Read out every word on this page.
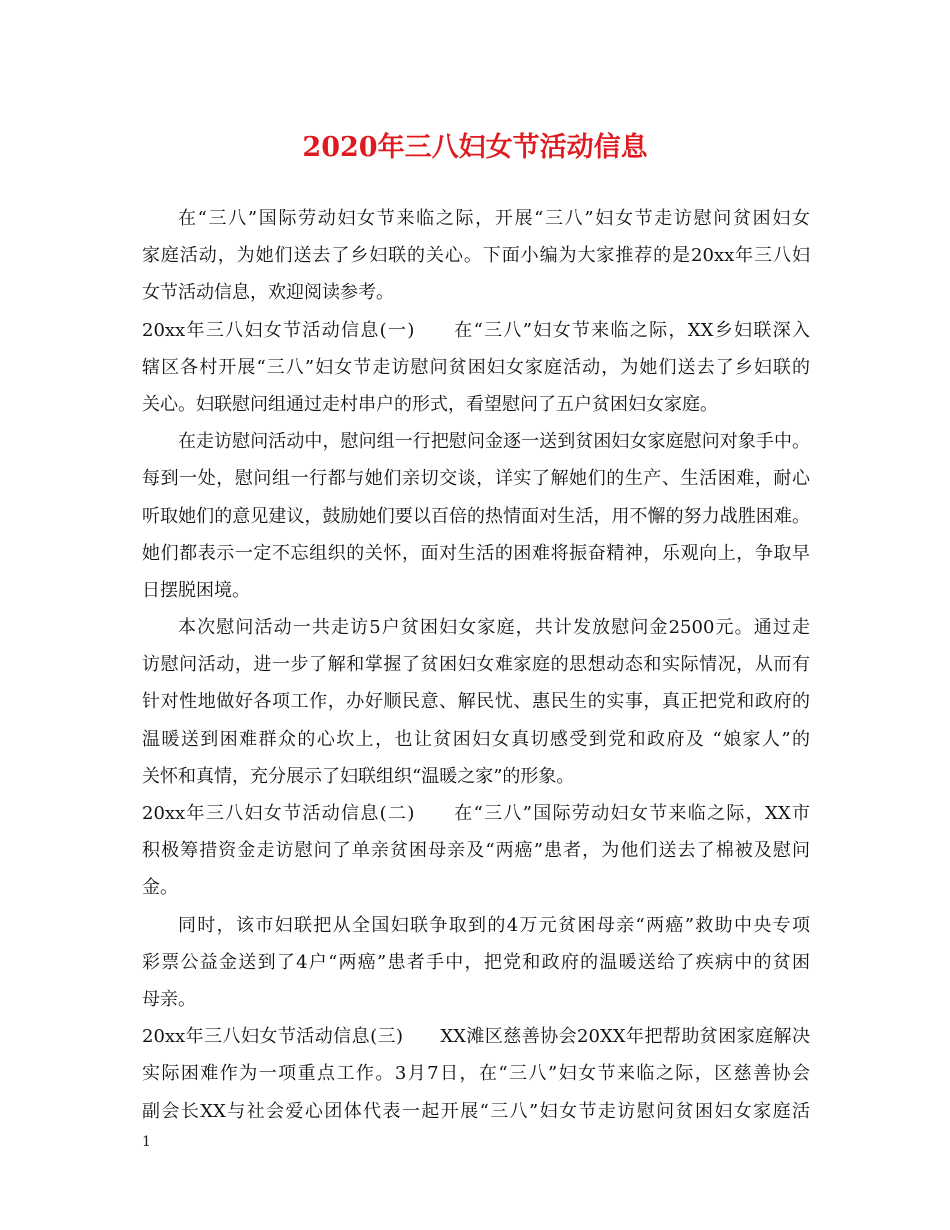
2020年三八妇女节活动信息
在“三八”国际劳动妇女节来临之际，开展“三八”妇女节走访慰问贫困妇女
家庭活动，为她们送去了乡妇联的关心。下面小编为大家推荐的是20xx年三八妇
女节活动信息，欢迎阅读参考。
20xx年三八妇女节活动信息(一)　　在“三八”妇女节来临之际，XX乡妇联深入
辖区各村开展“三八”妇女节走访慰问贫困妇女家庭活动，为她们送去了乡妇联的
关心。妇联慰问组通过走村串户的形式，看望慰问了五户贫困妇女家庭。
在走访慰问活动中，慰问组一行把慰问金逐一送到贫困妇女家庭慰问对象手中。
每到一处，慰问组一行都与她们亲切交谈，详实了解她们的生产、生活困难，耐心
听取她们的意见建议，鼓励她们要以百倍的热情面对生活，用不懈的努力战胜困难。
她们都表示一定不忘组织的关怀，面对生活的困难将振奋精神，乐观向上，争取早
日摆脱困境。
本次慰问活动一共走访5户贫困妇女家庭，共计发放慰问金2500元。通过走
访慰问活动，进一步了解和掌握了贫困妇女难家庭的思想动态和实际情况，从而有
针对性地做好各项工作，办好顺民意、解民忧、惠民生的实事，真正把党和政府的
温暖送到困难群众的心坎上，也让贫困妇女真切感受到党和政府及 “娘家人”的
关怀和真情，充分展示了妇联组织“温暖之家”的形象。
20xx年三八妇女节活动信息(二)　　在“三八”国际劳动妇女节来临之际，XX市
积极筹措资金走访慰问了单亲贫困母亲及“两癌”患者，为他们送去了棉被及慰问
金。
同时，该市妇联把从全国妇联争取到的4万元贫困母亲“两癌”救助中央专项
彩票公益金送到了4户“两癌”患者手中，把党和政府的温暖送给了疾病中的贫困
母亲。
20xx年三八妇女节活动信息(三)　　XX滩区慈善协会20XX年把帮助贫困家庭解决
实际困难作为一项重点工作。3月7日，在“三八”妇女节来临之际，区慈善协会
副会长XX与社会爱心团体代表一起开展“三八”妇女节走访慰问贫困妇女家庭活
1
